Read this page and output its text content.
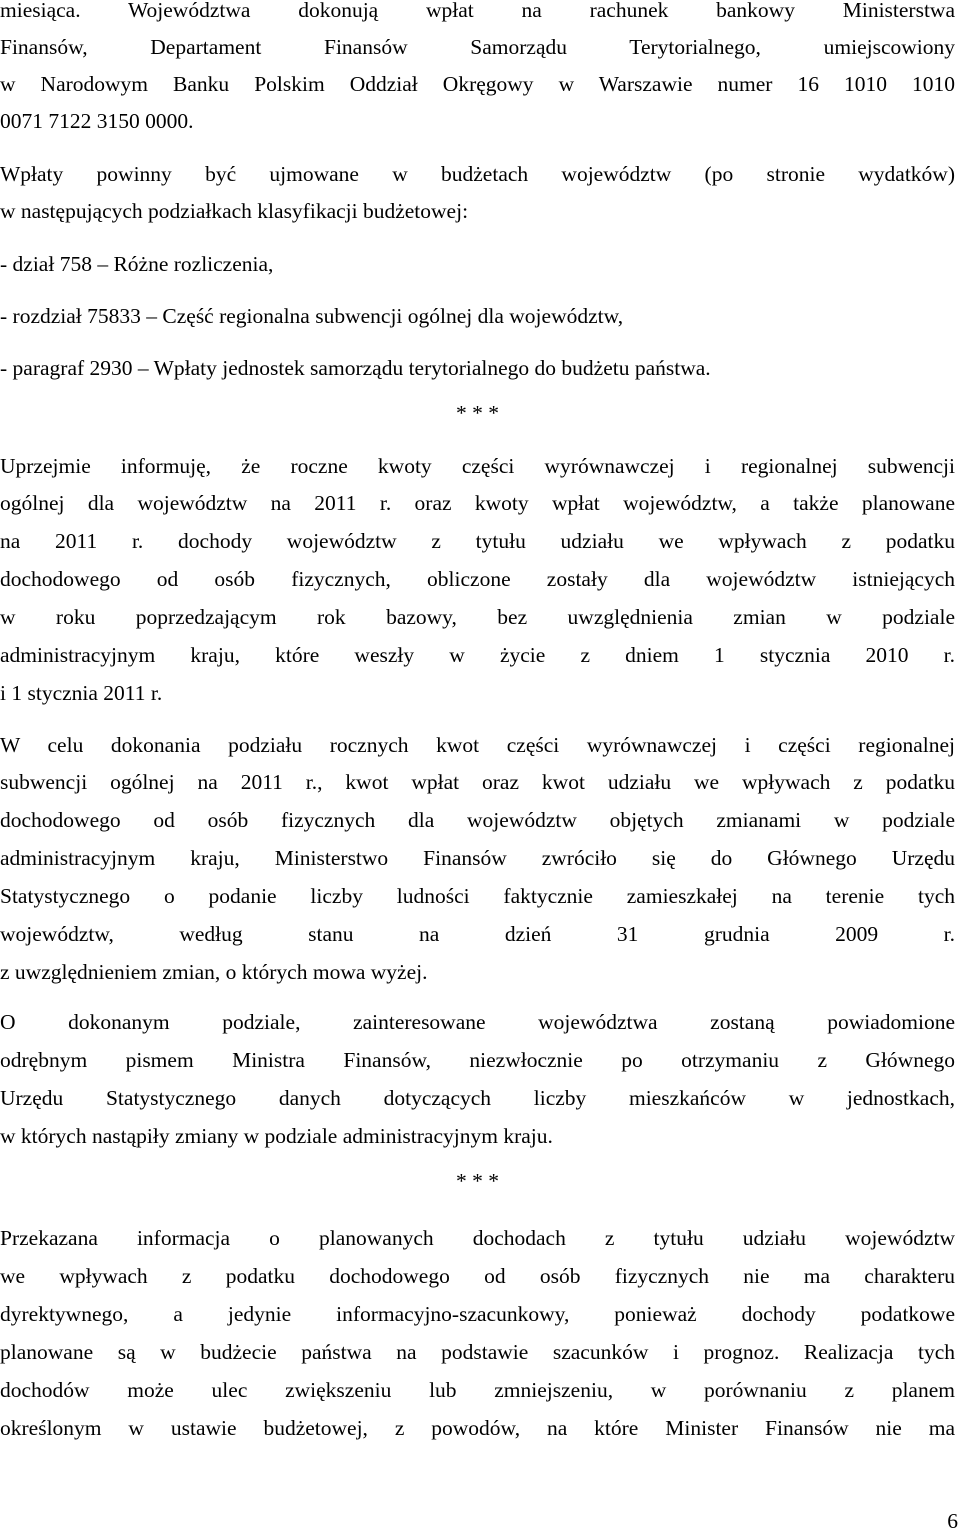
miesiąca. Województwa dokonują wpłat na rachunek bankowy Ministerstwa
Finansów, Departament Finansów Samorządu Terytorialnego, umiejscowiony
w Narodowym Banku Polskim Oddział Okręgowy w Warszawie numer 16 1010 1010
0071 7122 3150 0000.
Wpłaty powinny być ujmowane w budżetach województw (po stronie wydatków)
w następujących podziałkach klasyfikacji budżetowej:
- dział 758 – Różne rozliczenia,
- rozdział 75833 – Część regionalna subwencji ogólnej dla województw,
- paragraf 2930 – Wpłaty jednostek samorządu terytorialnego do budżetu państwa.
* * *
Uprzejmie informuję, że roczne kwoty części wyrównawczej i regionalnej subwencji
ogólnej dla województw na 2011 r. oraz kwoty wpłat województw, a także planowane
na 2011 r. dochody województw z tytułu udziału we wpływach z podatku
dochodowego od osób fizycznych, obliczone zostały dla województw istniejących
w roku poprzedzającym rok bazowy, bez uwzględnienia zmian w podziale
administracyjnym kraju, które weszły w życie z dniem 1 stycznia 2010 r.
i 1 stycznia 2011 r.
W celu dokonania podziału rocznych kwot części wyrównawczej i części regionalnej
subwencji ogólnej na 2011 r., kwot wpłat oraz kwot udziału we wpływach z podatku
dochodowego od osób fizycznych dla województw objętych zmianami w podziale
administracyjnym kraju, Ministerstwo Finansów zwróciło się do Głównego Urzędu
Statystycznego o podanie liczby ludności faktycznie zamieszkałej na terenie tych
województw, według stanu na dzień 31 grudnia 2009 r.
z uwzględnieniem zmian, o których mowa wyżej.
O dokonanym podziale, zainteresowane województwa zostaną powiadomione
odrębnym pismem Ministra Finansów, niezwłocznie po otrzymaniu z Głównego
Urzędu Statystycznego danych dotyczących liczby mieszkańców w jednostkach,
w których nastąpiły zmiany w podziale administracyjnym kraju.
* * *
Przekazana informacja o planowanych dochodach z tytułu udziału województw
we wpływach z podatku dochodowego od osób fizycznych nie ma charakteru
dyrektywnego, a jedynie informacyjno-szacunkowy, ponieważ dochody podatkowe
planowane są w budżecie państwa na podstawie szacunków i prognoz. Realizacja tych
dochodów może ulec zwiększeniu lub zmniejszeniu, w porównaniu z planem
określonym w ustawie budżetowej, z powodów, na które Minister Finansów nie ma
6
